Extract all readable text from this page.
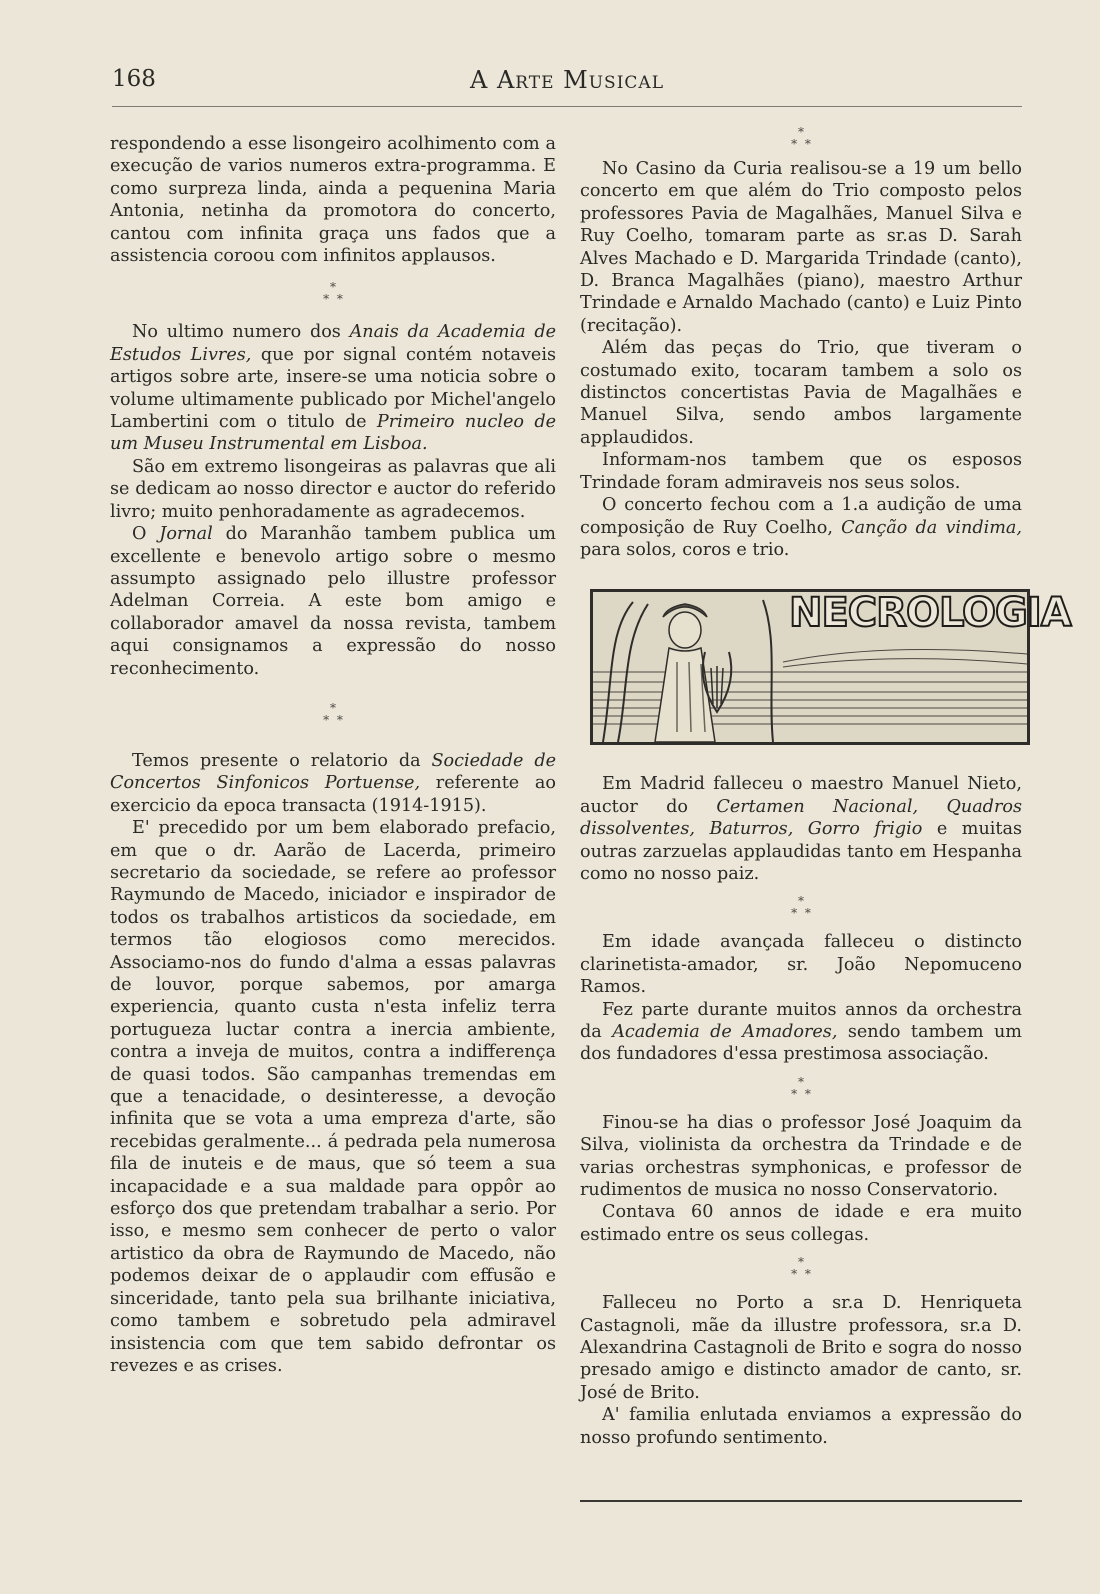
168	A Arte Musical

respondendo a esse lisongeiro acolhimento com a execução de varios numeros extra-programma. E como surpreza linda, ainda a pequenina Maria Antonia, netinha da promotora do concerto, cantou com infinita graça uns fados que a assistencia coroou com infinitos applausos.

*
* *

No ultimo numero dos Anais da Academia de Estudos Livres, que por signal contém notaveis artigos sobre arte, insere-se uma noticia sobre o volume ultimamente publicado por Michel'angelo Lambertini com o titulo de Primeiro nucleo de um Museu Instrumental em Lisboa.

São em extremo lisongeiras as palavras que ali se dedicam ao nosso director e auctor do referido livro; muito penhoradamente as agradecemos.

O Jornal do Maranhão tambem publica um excellente e benevolo artigo sobre o mesmo assumpto assignado pelo illustre professor Adelman Correia. A este bom amigo e collaborador amavel da nossa revista, tambem aqui consignamos a expressão do nosso reconhecimento.

*
* *

Temos presente o relatorio da Sociedade de Concertos Sinfonicos Portuense, referente ao exercicio da epoca transacta (1914-1915).

E' precedido por um bem elaborado prefacio, em que o dr. Aarão de Lacerda, primeiro secretario da sociedade, se refere ao professor Raymundo de Macedo, iniciador e inspirador de todos os trabalhos artisticos da sociedade, em termos tão elogiosos como merecidos. Associamo-nos do fundo d'alma a essas palavras de louvor, porque sabemos, por amarga experiencia, quanto custa n'esta infeliz terra portugueza luctar contra a inercia ambiente, contra a inveja de muitos, contra a indifferença de quasi todos. São campanhas tremendas em que a tenacidade, o desinteresse, a devoção infinita que se vota a uma empreza d'arte, são recebidas geralmente... á pedrada pela numerosa fila de inuteis e de maus, que só teem a sua incapacidade e a sua maldade para oppôr ao esforço dos que pretendam trabalhar a serio. Por isso, e mesmo sem conhecer de perto o valor artistico da obra de Raymundo de Macedo, não podemos deixar de o applaudir com effusão e sinceridade, tanto pela sua brilhante iniciativa, como tambem e sobretudo pela admiravel insistencia com que tem sabido defrontar os revezes e as crises.

*
* *

No Casino da Curia realisou-se a 19 um bello concerto em que além do Trio composto pelos professores Pavia de Magalhães, Manuel Silva e Ruy Coelho, tomaram parte as sr.as D. Sarah Alves Machado e D. Margarida Trindade (canto), D. Branca Magalhães (piano), maestro Arthur Trindade e Arnaldo Machado (canto) e Luiz Pinto (recitação).

Além das peças do Trio, que tiveram o costumado exito, tocaram tambem a solo os distinctos concertistas Pavia de Magalhães e Manuel Silva, sendo ambos largamente applaudidos.

Informam-nos tambem que os esposos Trindade foram admiraveis nos seus solos.

O concerto fechou com a 1.a audição de uma composição de Ruy Coelho, Canção da vindima, para solos, coros e trio.

NECROLOGIA

Em Madrid falleceu o maestro Manuel Nieto, auctor do Certamen Nacional, Quadros dissolventes, Baturros, Gorro frigio e muitas outras zarzuelas applaudidas tanto em Hespanha como no nosso paiz.

*
* *

Em idade avançada falleceu o distincto clarinetista-amador, sr. João Nepomuceno Ramos.

Fez parte durante muitos annos da orchestra da Academia de Amadores, sendo tambem um dos fundadores d'essa prestimosa associação.

*
* *

Finou-se ha dias o professor José Joaquim da Silva, violinista da orchestra da Trindade e de varias orchestras symphonicas, e professor de rudimentos de musica no nosso Conservatorio.

Contava 60 annos de idade e era muito estimado entre os seus collegas.

*
* *

Falleceu no Porto a sr.a D. Henriqueta Castagnoli, mãe da illustre professora, sr.a D. Alexandrina Castagnoli de Brito e sogra do nosso presado amigo e distincto amador de canto, sr. José de Brito.

A' familia enlutada enviamos a expressão do nosso profundo sentimento.
